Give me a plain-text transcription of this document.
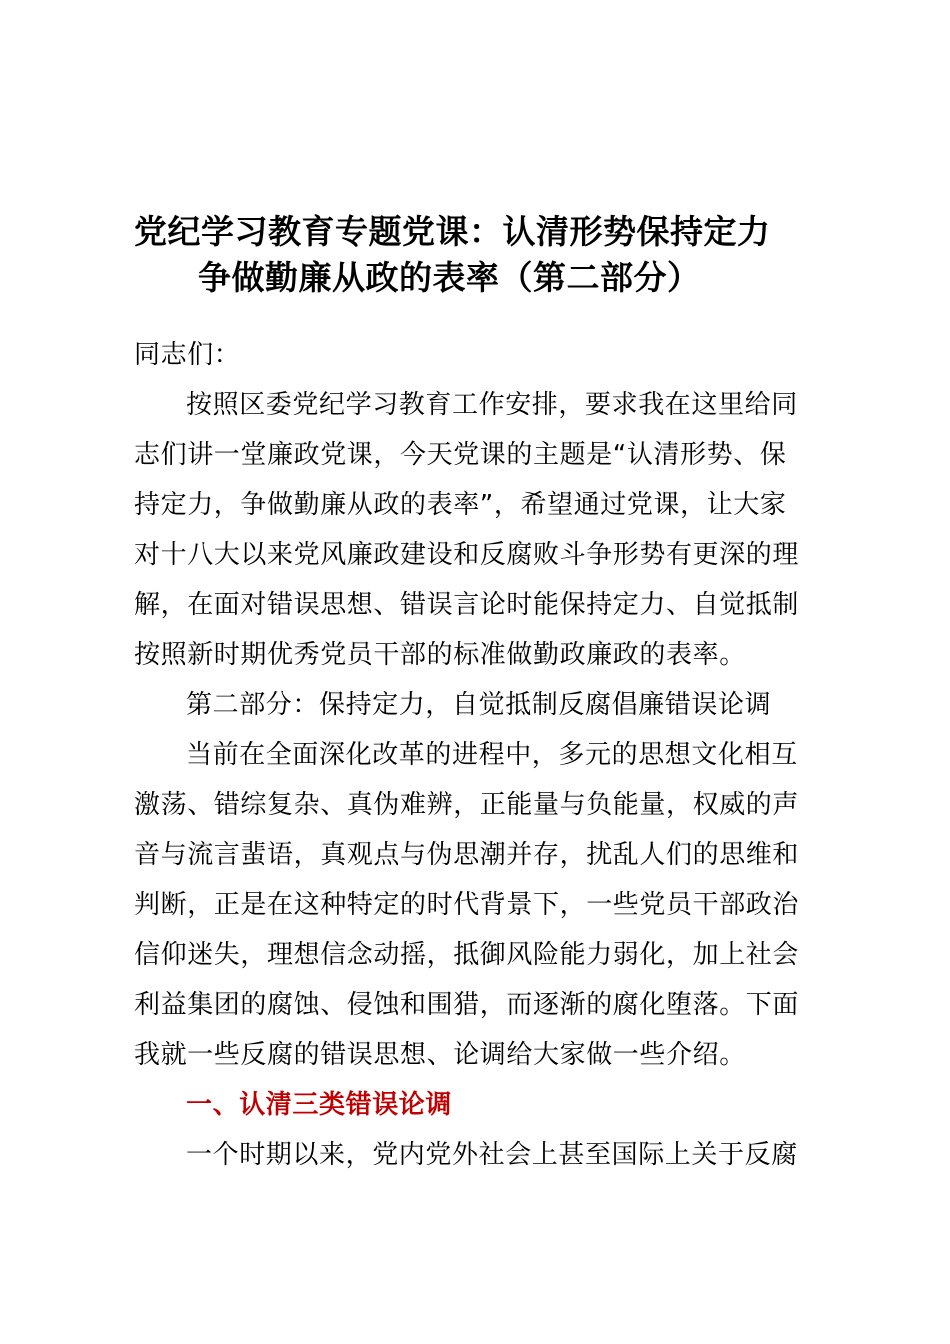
党纪学习教育专题党课：认清形势保持定力
争做勤廉从政的表率（第二部分）
同志们：
按照区委党纪学习教育工作安排，要求我在这里给同
志们讲一堂廉政党课，今天党课的主题是“认清形势、保
持定力，争做勤廉从政的表率”，希望通过党课，让大家
对十八大以来党风廉政建设和反腐败斗争形势有更深的理
解，在面对错误思想、错误言论时能保持定力、自觉抵制
按照新时期优秀党员干部的标准做勤政廉政的表率。
第二部分：保持定力，自觉抵制反腐倡廉错误论调
当前在全面深化改革的进程中，多元的思想文化相互
激荡、错综复杂、真伪难辨，正能量与负能量，权威的声
音与流言蜚语，真观点与伪思潮并存，扰乱人们的思维和
判断，正是在这种特定的时代背景下，一些党员干部政治
信仰迷失，理想信念动摇，抵御风险能力弱化，加上社会
利益集团的腐蚀、侵蚀和围猎，而逐渐的腐化堕落。下面
我就一些反腐的错误思想、论调给大家做一些介绍。
一、认清三类错误论调
一个时期以来，党内党外社会上甚至国际上关于反腐
